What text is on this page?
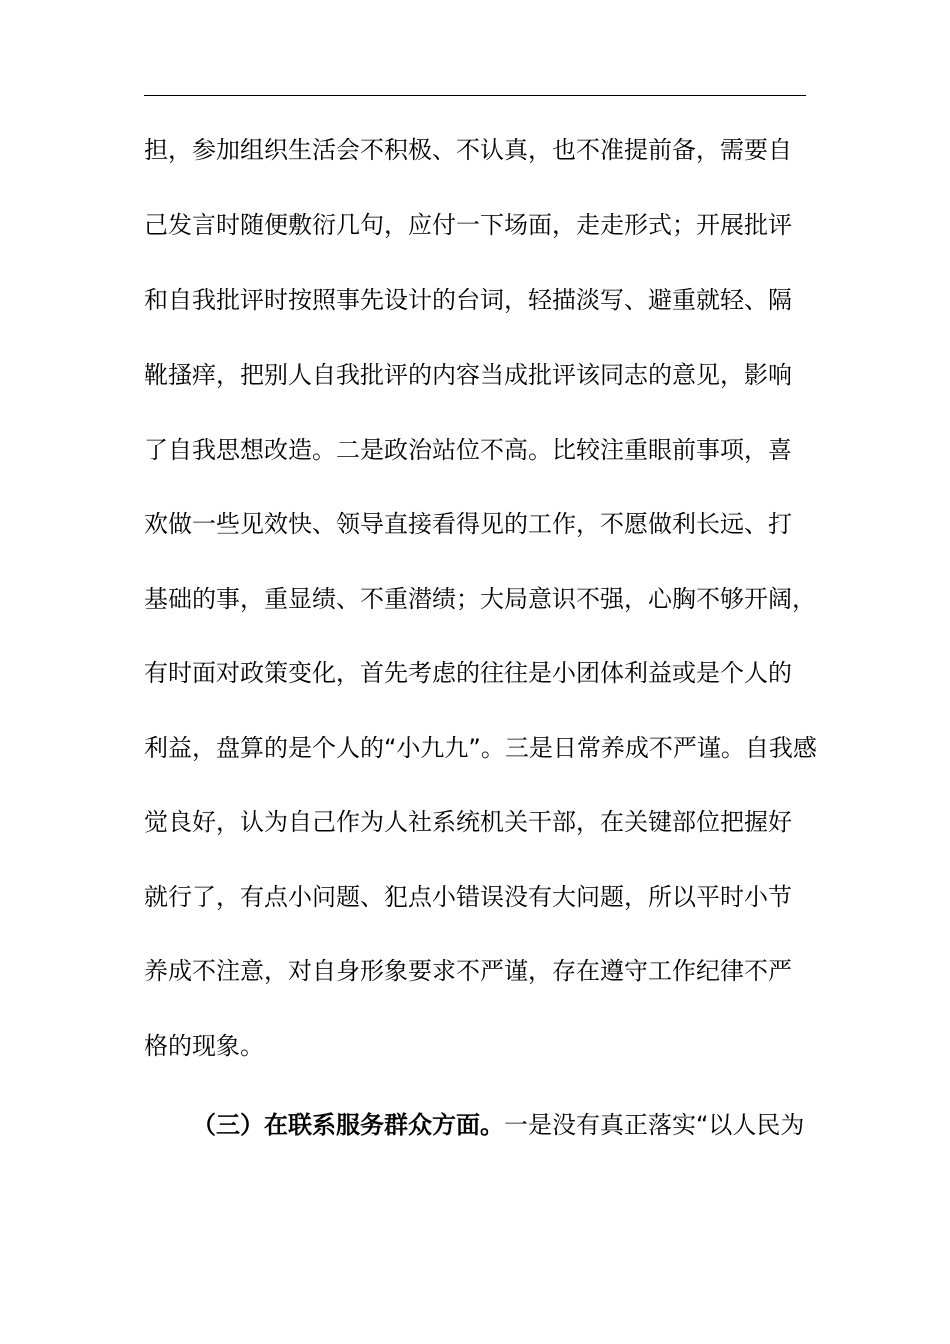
担，参加组织生活会不积极、不认真，也不准提前备，需要自
己发言时随便敷衍几句，应付一下场面，走走形式；开展批评
和自我批评时按照事先设计的台词，轻描淡写、避重就轻、隔
靴搔痒，把别人自我批评的内容当成批评该同志的意见，影响
了自我思想改造。二是政治站位不高。比较注重眼前事项，喜
欢做一些见效快、领导直接看得见的工作，不愿做利长远、打
基础的事，重显绩、不重潜绩；大局意识不强，心胸不够开阔，
有时面对政策变化，首先考虑的往往是小团体利益或是个人的
利益，盘算的是个人的“小九九”。三是日常养成不严谨。自我感
觉良好，认为自己作为人社系统机关干部，在关键部位把握好
就行了，有点小问题、犯点小错误没有大问题，所以平时小节
养成不注意，对自身形象要求不严谨，存在遵守工作纪律不严
格的现象。
（三）在联系服务群众方面。一是没有真正落实“以人民为
